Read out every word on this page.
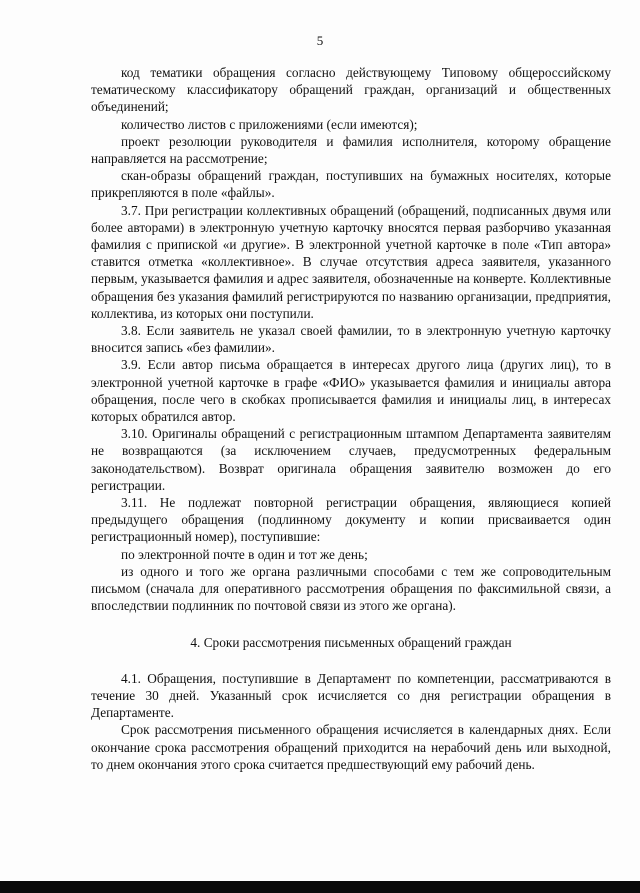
5

код тематики обращения согласно действующему Типовому общероссийскому тематическому классификатору обращений граждан, организаций и общественных объединений;

количество листов с приложениями (если имеются);

проект резолюции руководителя и фамилия исполнителя, которому обращение направляется на рассмотрение;

скан-образы обращений граждан, поступивших на бумажных носителях, которые прикрепляются в поле «файлы».

3.7. При регистрации коллективных обращений (обращений, подписанных двумя или более авторами) в электронную учетную карточку вносятся первая разборчиво указанная фамилия с припиской «и другие». В электронной учетной карточке в поле «Тип автора» ставится отметка «коллективное». В случае отсутствия адреса заявителя, указанного первым, указывается фамилия и адрес заявителя, обозначенные на конверте. Коллективные обращения без указания фамилий регистрируются по названию организации, предприятия, коллектива, из которых они поступили.

3.8. Если заявитель не указал своей фамилии, то в электронную учетную карточку вносится запись «без фамилии».

3.9. Если автор письма обращается в интересах другого лица (других лиц), то в электронной учетной карточке в графе «ФИО» указывается фамилия и инициалы автора обращения, после чего в скобках прописывается фамилия и инициалы лиц, в интересах которых обратился автор.

3.10. Оригиналы обращений с регистрационным штампом Департамента заявителям не возвращаются (за исключением случаев, предусмотренных федеральным законодательством). Возврат оригинала обращения заявителю возможен до его регистрации.

3.11. Не подлежат повторной регистрации обращения, являющиеся копией предыдущего обращения (подлинному документу и копии присваивается один регистрационный номер), поступившие:

по электронной почте в один и тот же день;

из одного и того же органа различными способами с тем же сопроводительным письмом (сначала для оперативного рассмотрения обращения по факсимильной связи, а впоследствии подлинник по почтовой связи из этого же органа).

4. Сроки рассмотрения письменных обращений граждан

4.1. Обращения, поступившие в Департамент по компетенции, рассматриваются в течение 30 дней. Указанный срок исчисляется со дня регистрации обращения в Департаменте.

Срок рассмотрения письменного обращения исчисляется в календарных днях. Если окончание срока рассмотрения обращений приходится на нерабочий день или выходной, то днем окончания этого срока считается предшествующий ему рабочий день.
